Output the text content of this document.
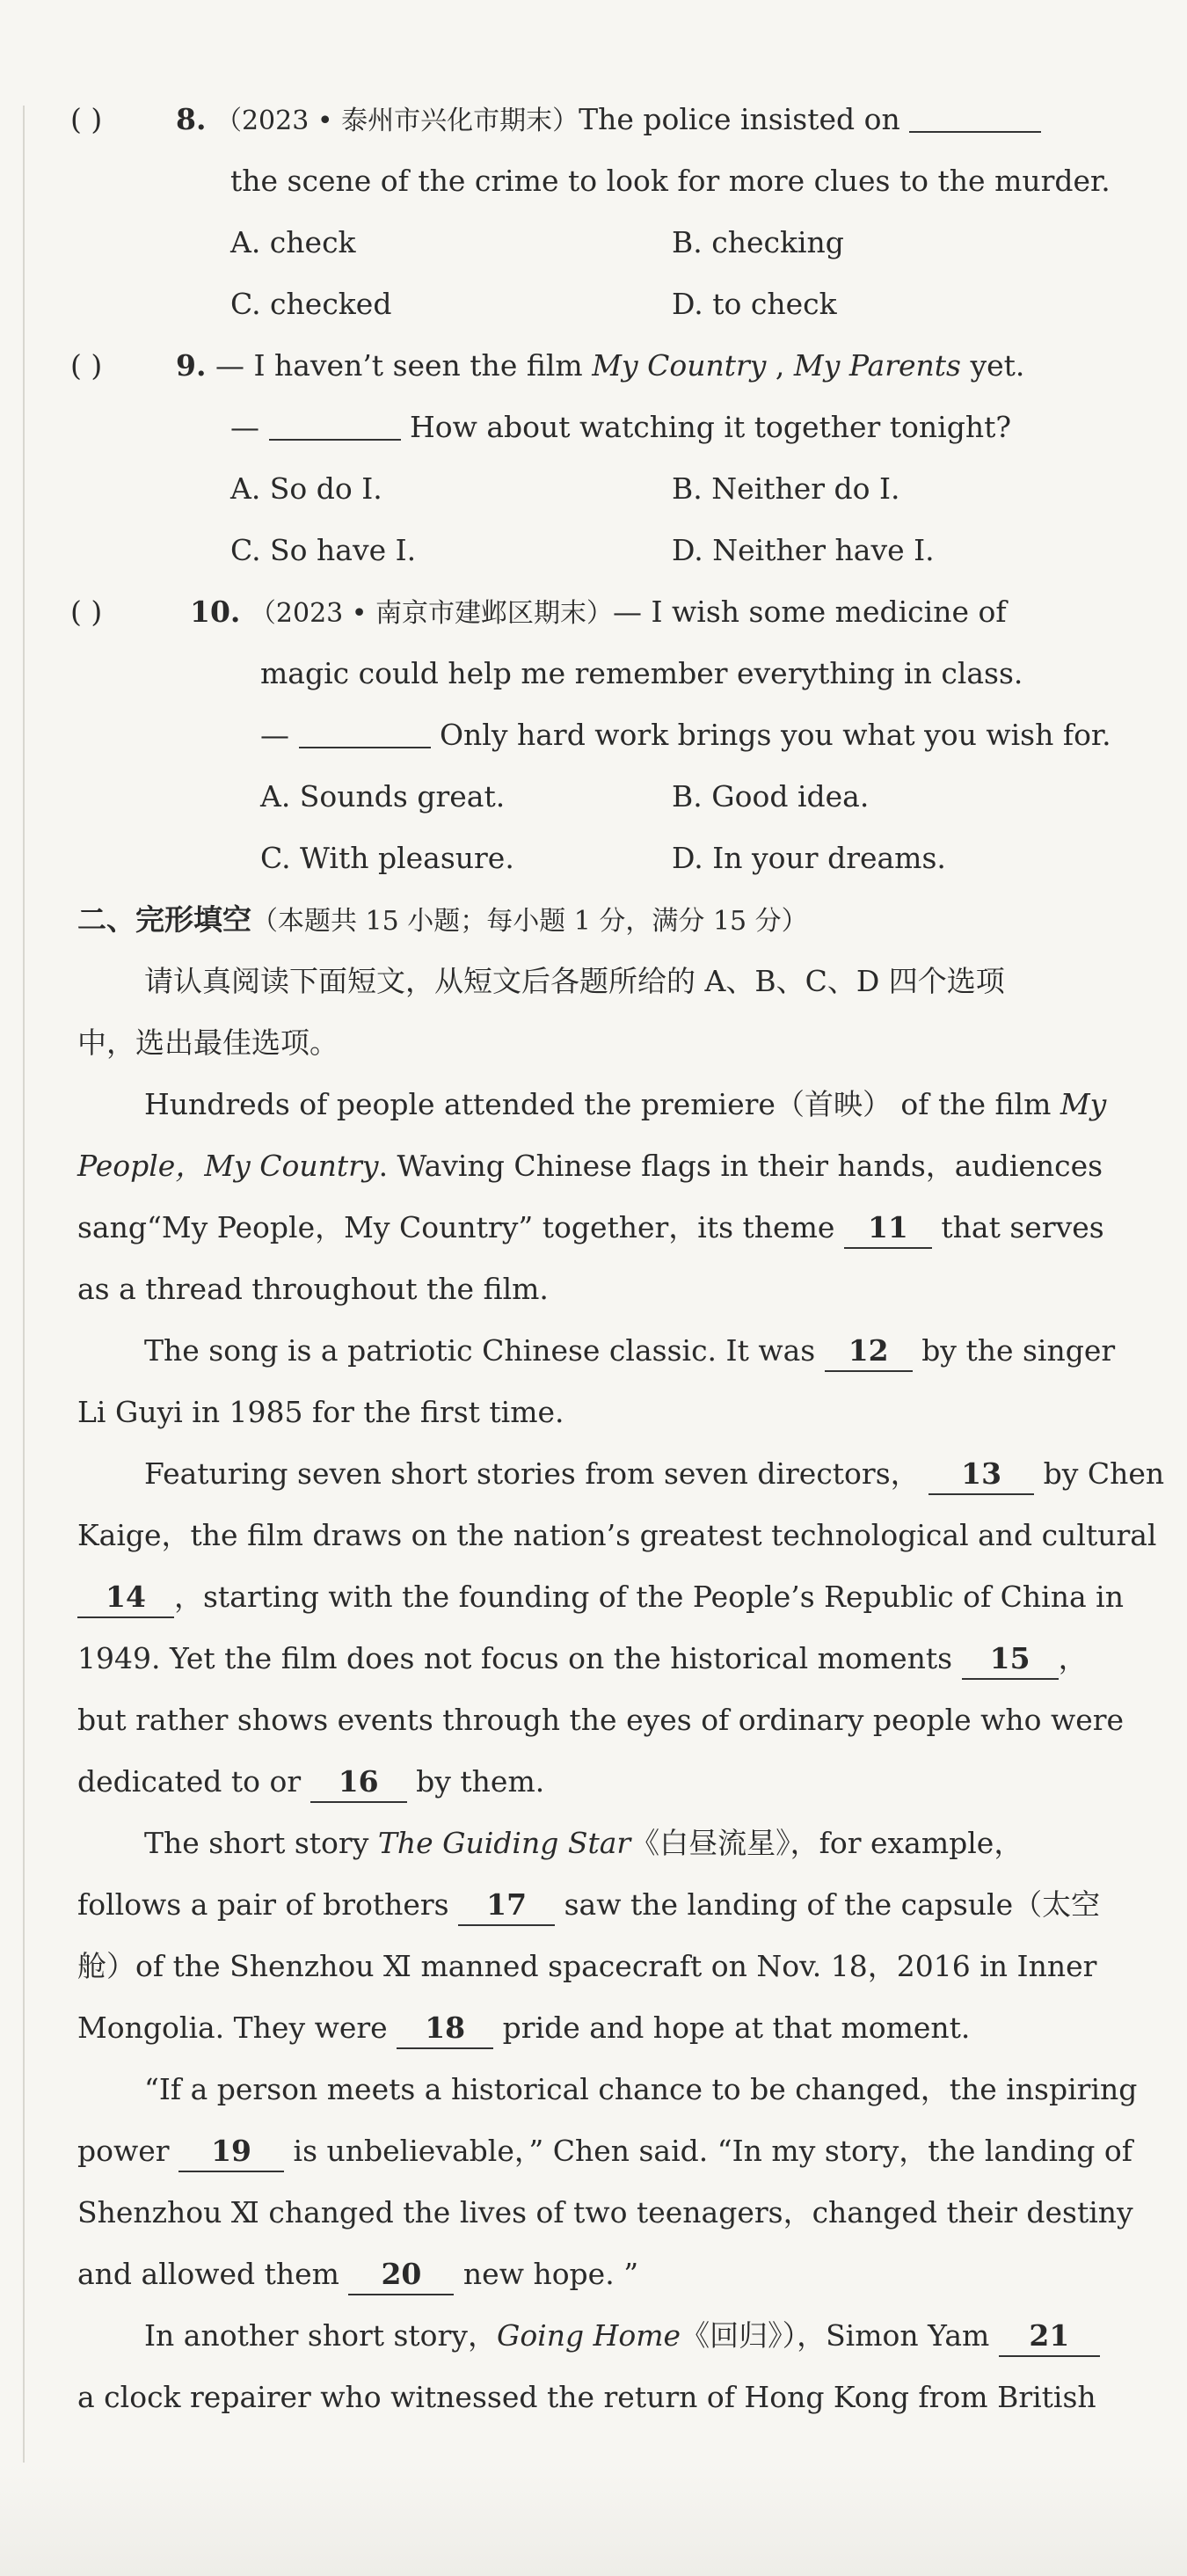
( )	8. （2023 • 泰州市兴化市期末）The police insisted on
the scene of the crime to look for more clues to the murder.
A. check	B. checking
C. checked	D. to check
( )	9. — I haven’t seen the film My Country , My Parents yet.
—	How about watching it together tonight?
A. So do I.	B. Neither do I.
C. So have I.	D. Neither have I.
( )	10. （2023 • 南京市建邺区期末）— I wish some medicine of
magic could help me remember everything in class.
—	Only hard work brings you what you wish for.
A. Sounds great.	B. Good idea.
C. With pleasure.	D. In your dreams.
二、完形填空（本题共 15 小题；每小题 1 分，满分 15 分）
请认真阅读下面短文，从短文后各题所给的 A、B、C、D 四个选项
中，选出最佳选项。
Hundreds of people attended the premiere（首映） of the film My
People，My Country. Waving Chinese flags in their hands，audiences
sang“My People，My Country” together，its theme 11 that serves
as a thread throughout the film.
The song is a patriotic Chinese classic. It was 12 by the singer
Li Guyi in 1985 for the first time.
Featuring seven short stories from seven directors， 13 by Chen
Kaige，the film draws on the nation’s greatest technological and cultural
14 ，starting with the founding of the People’s Republic of China in
1949. Yet the film does not focus on the historical moments 15 ，
but rather shows events through the eyes of ordinary people who were
dedicated to or 16 by them.
The short story The Guiding Star《白昼流星》，for example，
follows a pair of brothers 17 saw the landing of the capsule（太空
舱）of the Shenzhou Ⅺ manned spacecraft on Nov. 18，2016 in Inner
Mongolia. They were 18 pride and hope at that moment.
“If a person meets a historical chance to be changed，the inspiring
power 19 is unbelievable，” Chen said. “In my story，the landing of
Shenzhou Ⅺ changed the lives of two teenagers，changed their destiny
and allowed them 20 new hope. ”
In another short story，Going Home《回归》），Simon Yam 21
a clock repairer who witnessed the return of Hong Kong from British
